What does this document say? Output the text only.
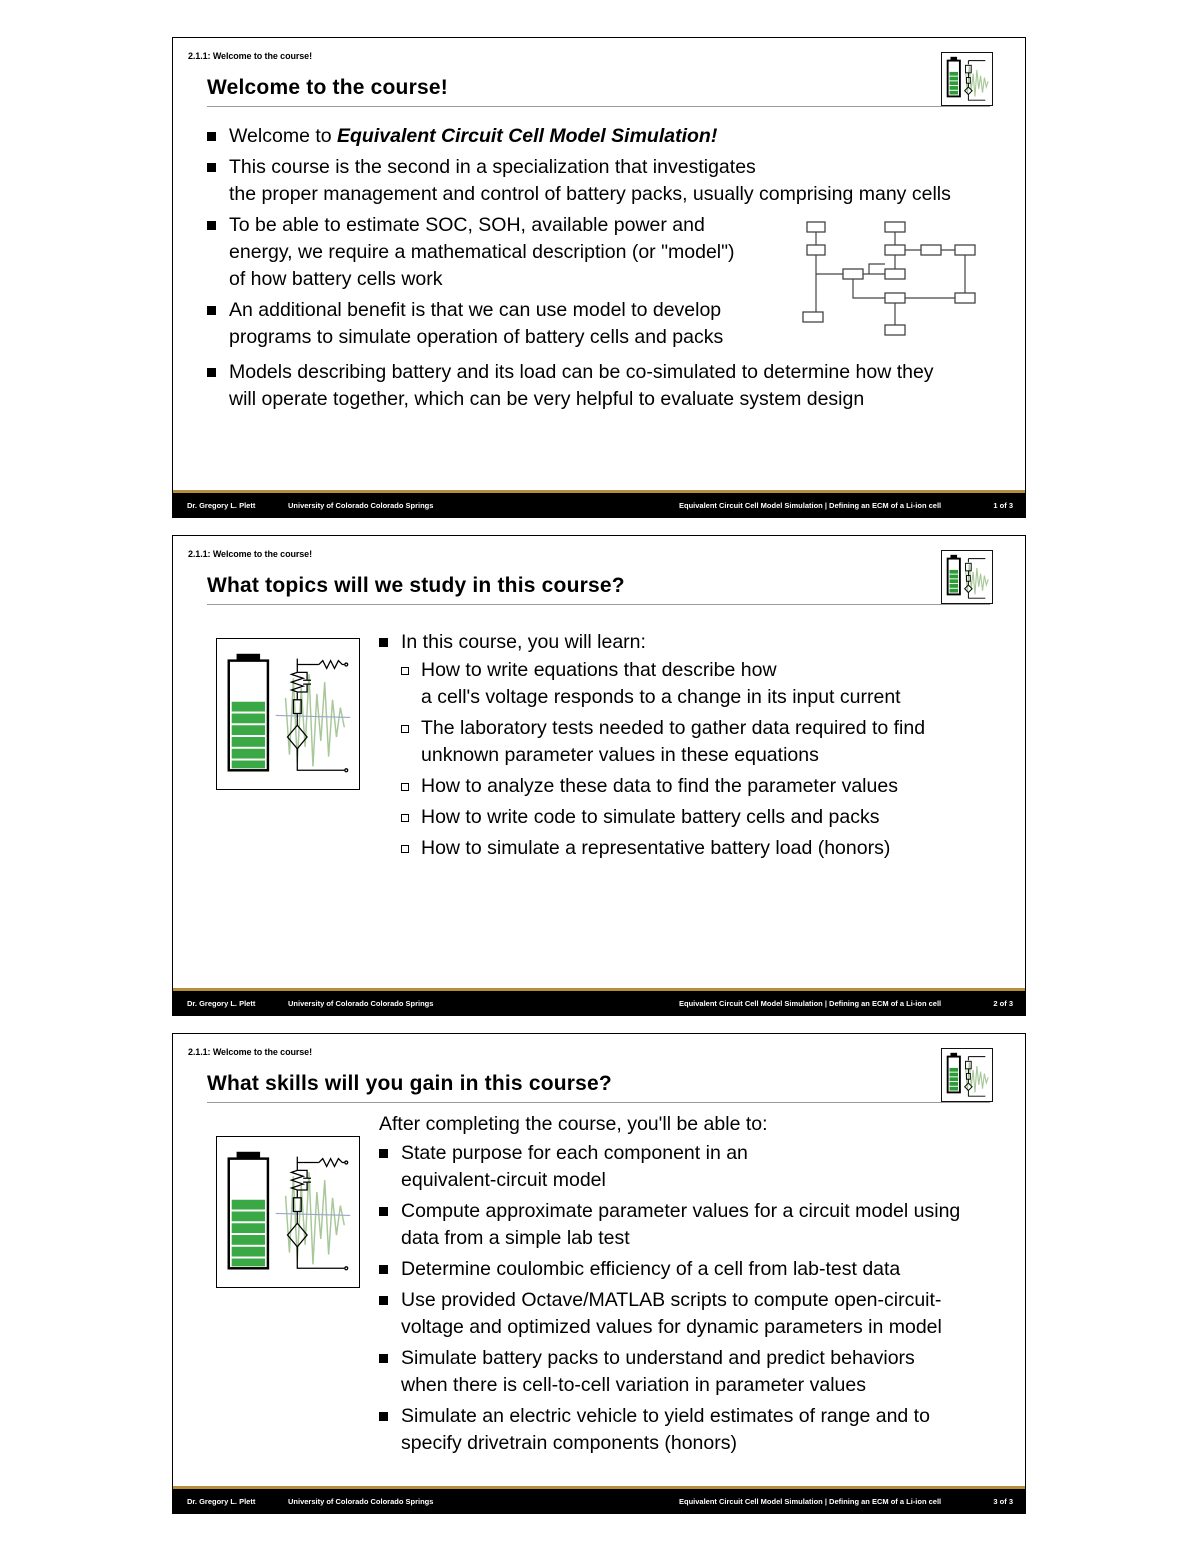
2.1.1: Welcome to the course!
Welcome to the course!
Welcome to Equivalent Circuit Cell Model Simulation!
This course is the second in a specialization that investigates
the proper management and control of battery packs, usually comprising many cells
To be able to estimate SOC, SOH, available power and
energy, we require a mathematical description (or "model")
of how battery cells work
An additional benefit is that we can use model to develop
programs to simulate operation of battery cells and packs
Models describing battery and its load can be co-simulated to determine how they
will operate together, which can be very helpful to evaluate system design
Dr. Gregory L. Plett	University of Colorado Colorado Springs	Equivalent Circuit Cell Model Simulation | Defining an ECM of a Li-ion cell	1 of 3
2.1.1: Welcome to the course!
What topics will we study in this course?
In this course, you will learn:
How to write equations that describe how
a cell's voltage responds to a change in its input current
The laboratory tests needed to gather data required to find
unknown parameter values in these equations
How to analyze these data to find the parameter values
How to write code to simulate battery cells and packs
How to simulate a representative battery load (honors)
Dr. Gregory L. Plett	University of Colorado Colorado Springs	Equivalent Circuit Cell Model Simulation | Defining an ECM of a Li-ion cell	2 of 3
2.1.1: Welcome to the course!
What skills will you gain in this course?
After completing the course, you'll be able to:
State purpose for each component in an
equivalent-circuit model
Compute approximate parameter values for a circuit model using
data from a simple lab test
Determine coulombic efficiency of a cell from lab-test data
Use provided Octave/MATLAB scripts to compute open-circuit-
voltage and optimized values for dynamic parameters in model
Simulate battery packs to understand and predict behaviors
when there is cell-to-cell variation in parameter values
Simulate an electric vehicle to yield estimates of range and to
specify drivetrain components (honors)
Dr. Gregory L. Plett	University of Colorado Colorado Springs	Equivalent Circuit Cell Model Simulation | Defining an ECM of a Li-ion cell	3 of 3
